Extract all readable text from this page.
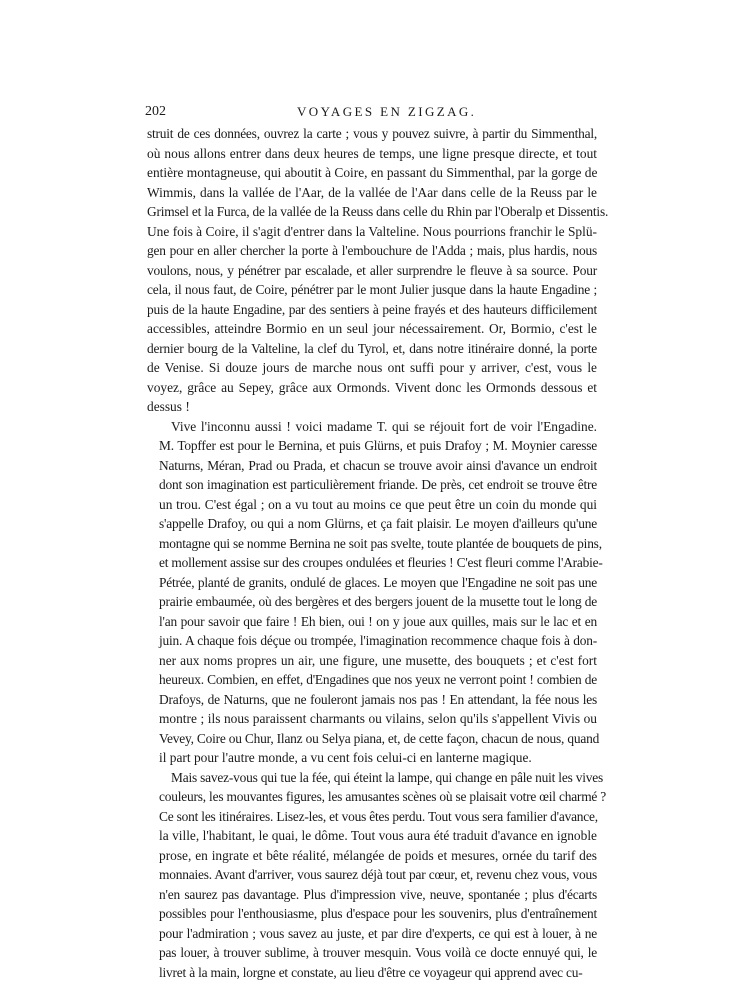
202	VOYAGES EN ZIGZAG.

struit de ces données, ouvrez la carte ; vous y pouvez suivre, à partir du Simmenthal,
où nous allons entrer dans deux heures de temps, une ligne presque directe, et tout
entière montagneuse, qui aboutit à Coire, en passant du Simmenthal, par la gorge de
Wimmis, dans la vallée de l'Aar, de la vallée de l'Aar dans celle de la Reuss par le
Grimsel et la Furca, de la vallée de la Reuss dans celle du Rhin par l'Oberalp et Dissentis.
Une fois à Coire, il s'agit d'entrer dans la Valteline. Nous pourrions franchir le Splü-
gen pour en aller chercher la porte à l'embouchure de l'Adda ; mais, plus hardis, nous
voulons, nous, y pénétrer par escalade, et aller surprendre le fleuve à sa source. Pour
cela, il nous faut, de Coire, pénétrer par le mont Julier jusque dans la haute Engadine ;
puis de la haute Engadine, par des sentiers à peine frayés et des hauteurs difficilement
accessibles, atteindre Bormio en un seul jour nécessairement. Or, Bormio, c'est le
dernier bourg de la Valteline, la clef du Tyrol, et, dans notre itinéraire donné, la porte
de Venise. Si douze jours de marche nous ont suffi pour y arriver, c'est, vous le
voyez, grâce au Sepey, grâce aux Ormonds. Vivent donc les Ormonds dessous et
dessus !

Vive l'inconnu aussi ! voici madame T. qui se réjouit fort de voir l'Engadine.
M. Topffer est pour le Bernina, et puis Glürns, et puis Drafoy ; M. Moynier caresse
Naturns, Méran, Prad ou Prada, et chacun se trouve avoir ainsi d'avance un endroit
dont son imagination est particulièrement friande. De près, cet endroit se trouve être
un trou. C'est égal ; on a vu tout au moins ce que peut être un coin du monde qui
s'appelle Drafoy, ou qui a nom Glürns, et ça fait plaisir. Le moyen d'ailleurs qu'une
montagne qui se nomme Bernina ne soit pas svelte, toute plantée de bouquets de pins,
et mollement assise sur des croupes ondulées et fleuries ! C'est fleuri comme l'Arabie-
Pétrée, planté de granits, ondulé de glaces. Le moyen que l'Engadine ne soit pas une
prairie embaumée, où des bergères et des bergers jouent de la musette tout le long de
l'an pour savoir que faire ! Eh bien, oui ! on y joue aux quilles, mais sur le lac et en
juin. A chaque fois déçue ou trompée, l'imagination recommence chaque fois à don-
ner aux noms propres un air, une figure, une musette, des bouquets ; et c'est fort
heureux. Combien, en effet, d'Engadines que nos yeux ne verront point ! combien de
Drafoys, de Naturns, que ne fouleront jamais nos pas ! En attendant, la fée nous les
montre ; ils nous paraissent charmants ou vilains, selon qu'ils s'appellent Vivis ou
Vevey, Coire ou Chur, Ilanz ou Selya piana, et, de cette façon, chacun de nous, quand
il part pour l'autre monde, a vu cent fois celui-ci en lanterne magique.

Mais savez-vous qui tue la fée, qui éteint la lampe, qui change en pâle nuit les vives
couleurs, les mouvantes figures, les amusantes scènes où se plaisait votre œil charmé ?
Ce sont les itinéraires. Lisez-les, et vous êtes perdu. Tout vous sera familier d'avance,
la ville, l'habitant, le quai, le dôme. Tout vous aura été traduit d'avance en ignoble
prose, en ingrate et bête réalité, mélangée de poids et mesures, ornée du tarif des
monnaies. Avant d'arriver, vous saurez déjà tout par cœur, et, revenu chez vous, vous
n'en saurez pas davantage. Plus d'impression vive, neuve, spontanée ; plus d'écarts
possibles pour l'enthousiasme, plus d'espace pour les souvenirs, plus d'entraînement
pour l'admiration ; vous savez au juste, et par dire d'experts, ce qui est à louer, à ne
pas louer, à trouver sublime, à trouver mesquin. Vous voilà ce docte ennuyé qui, le
livret à la main, lorgne et constate, au lieu d'être ce voyageur qui apprend avec cu-
